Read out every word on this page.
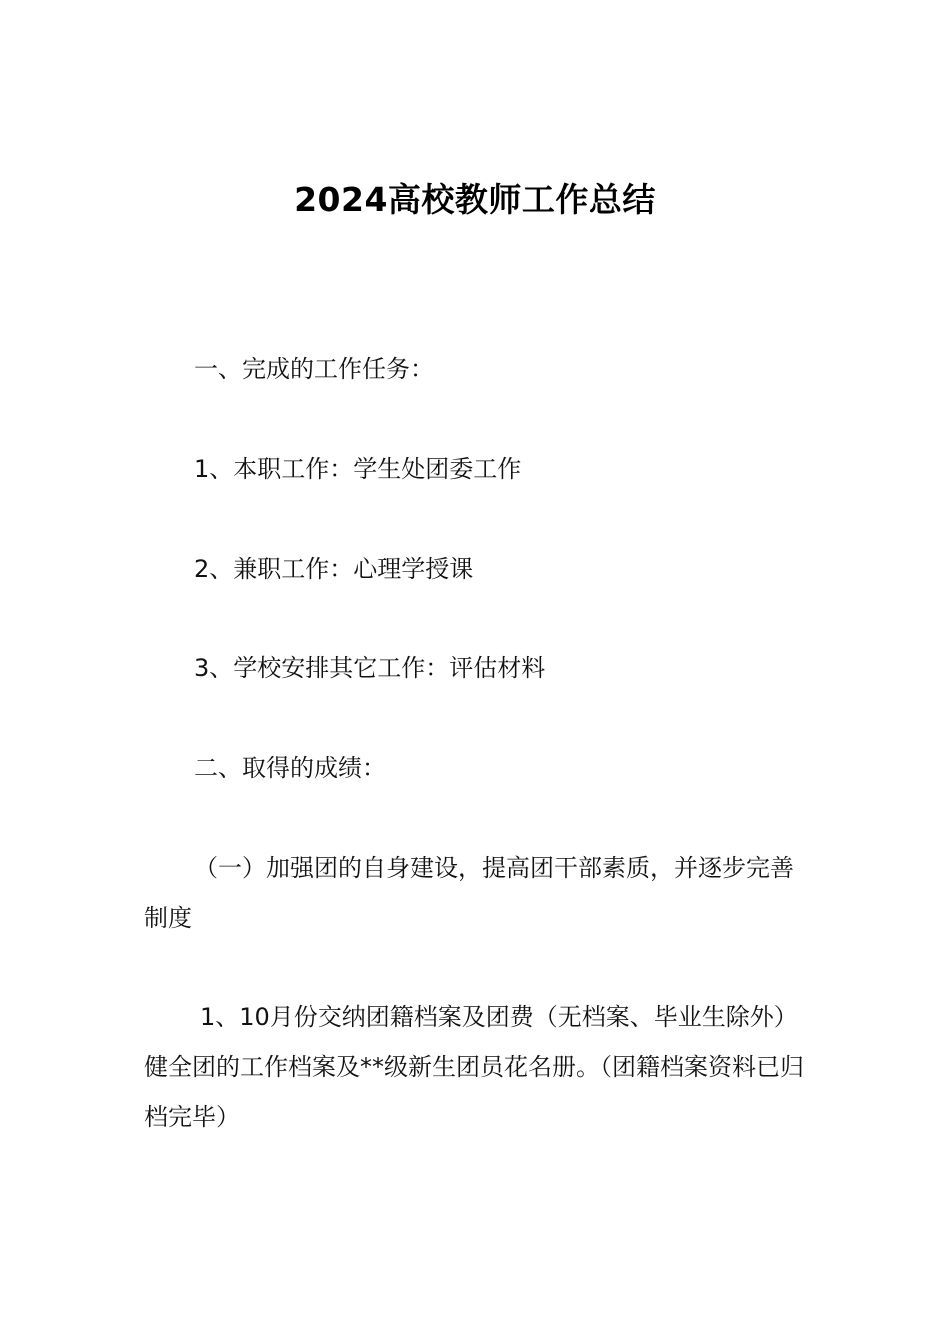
2024高校教师工作总结

一、完成的工作任务：

1、本职工作：学生处团委工作

2、兼职工作：心理学授课

3、学校安排其它工作：评估材料

二、取得的成绩：

（一）加强团的自身建设，提高团干部素质，并逐步完善制度

1、10月份交纳团籍档案及团费（无档案、毕业生除外）健全团的工作档案及**级新生团员花名册。（团籍档案资料已归档完毕）
